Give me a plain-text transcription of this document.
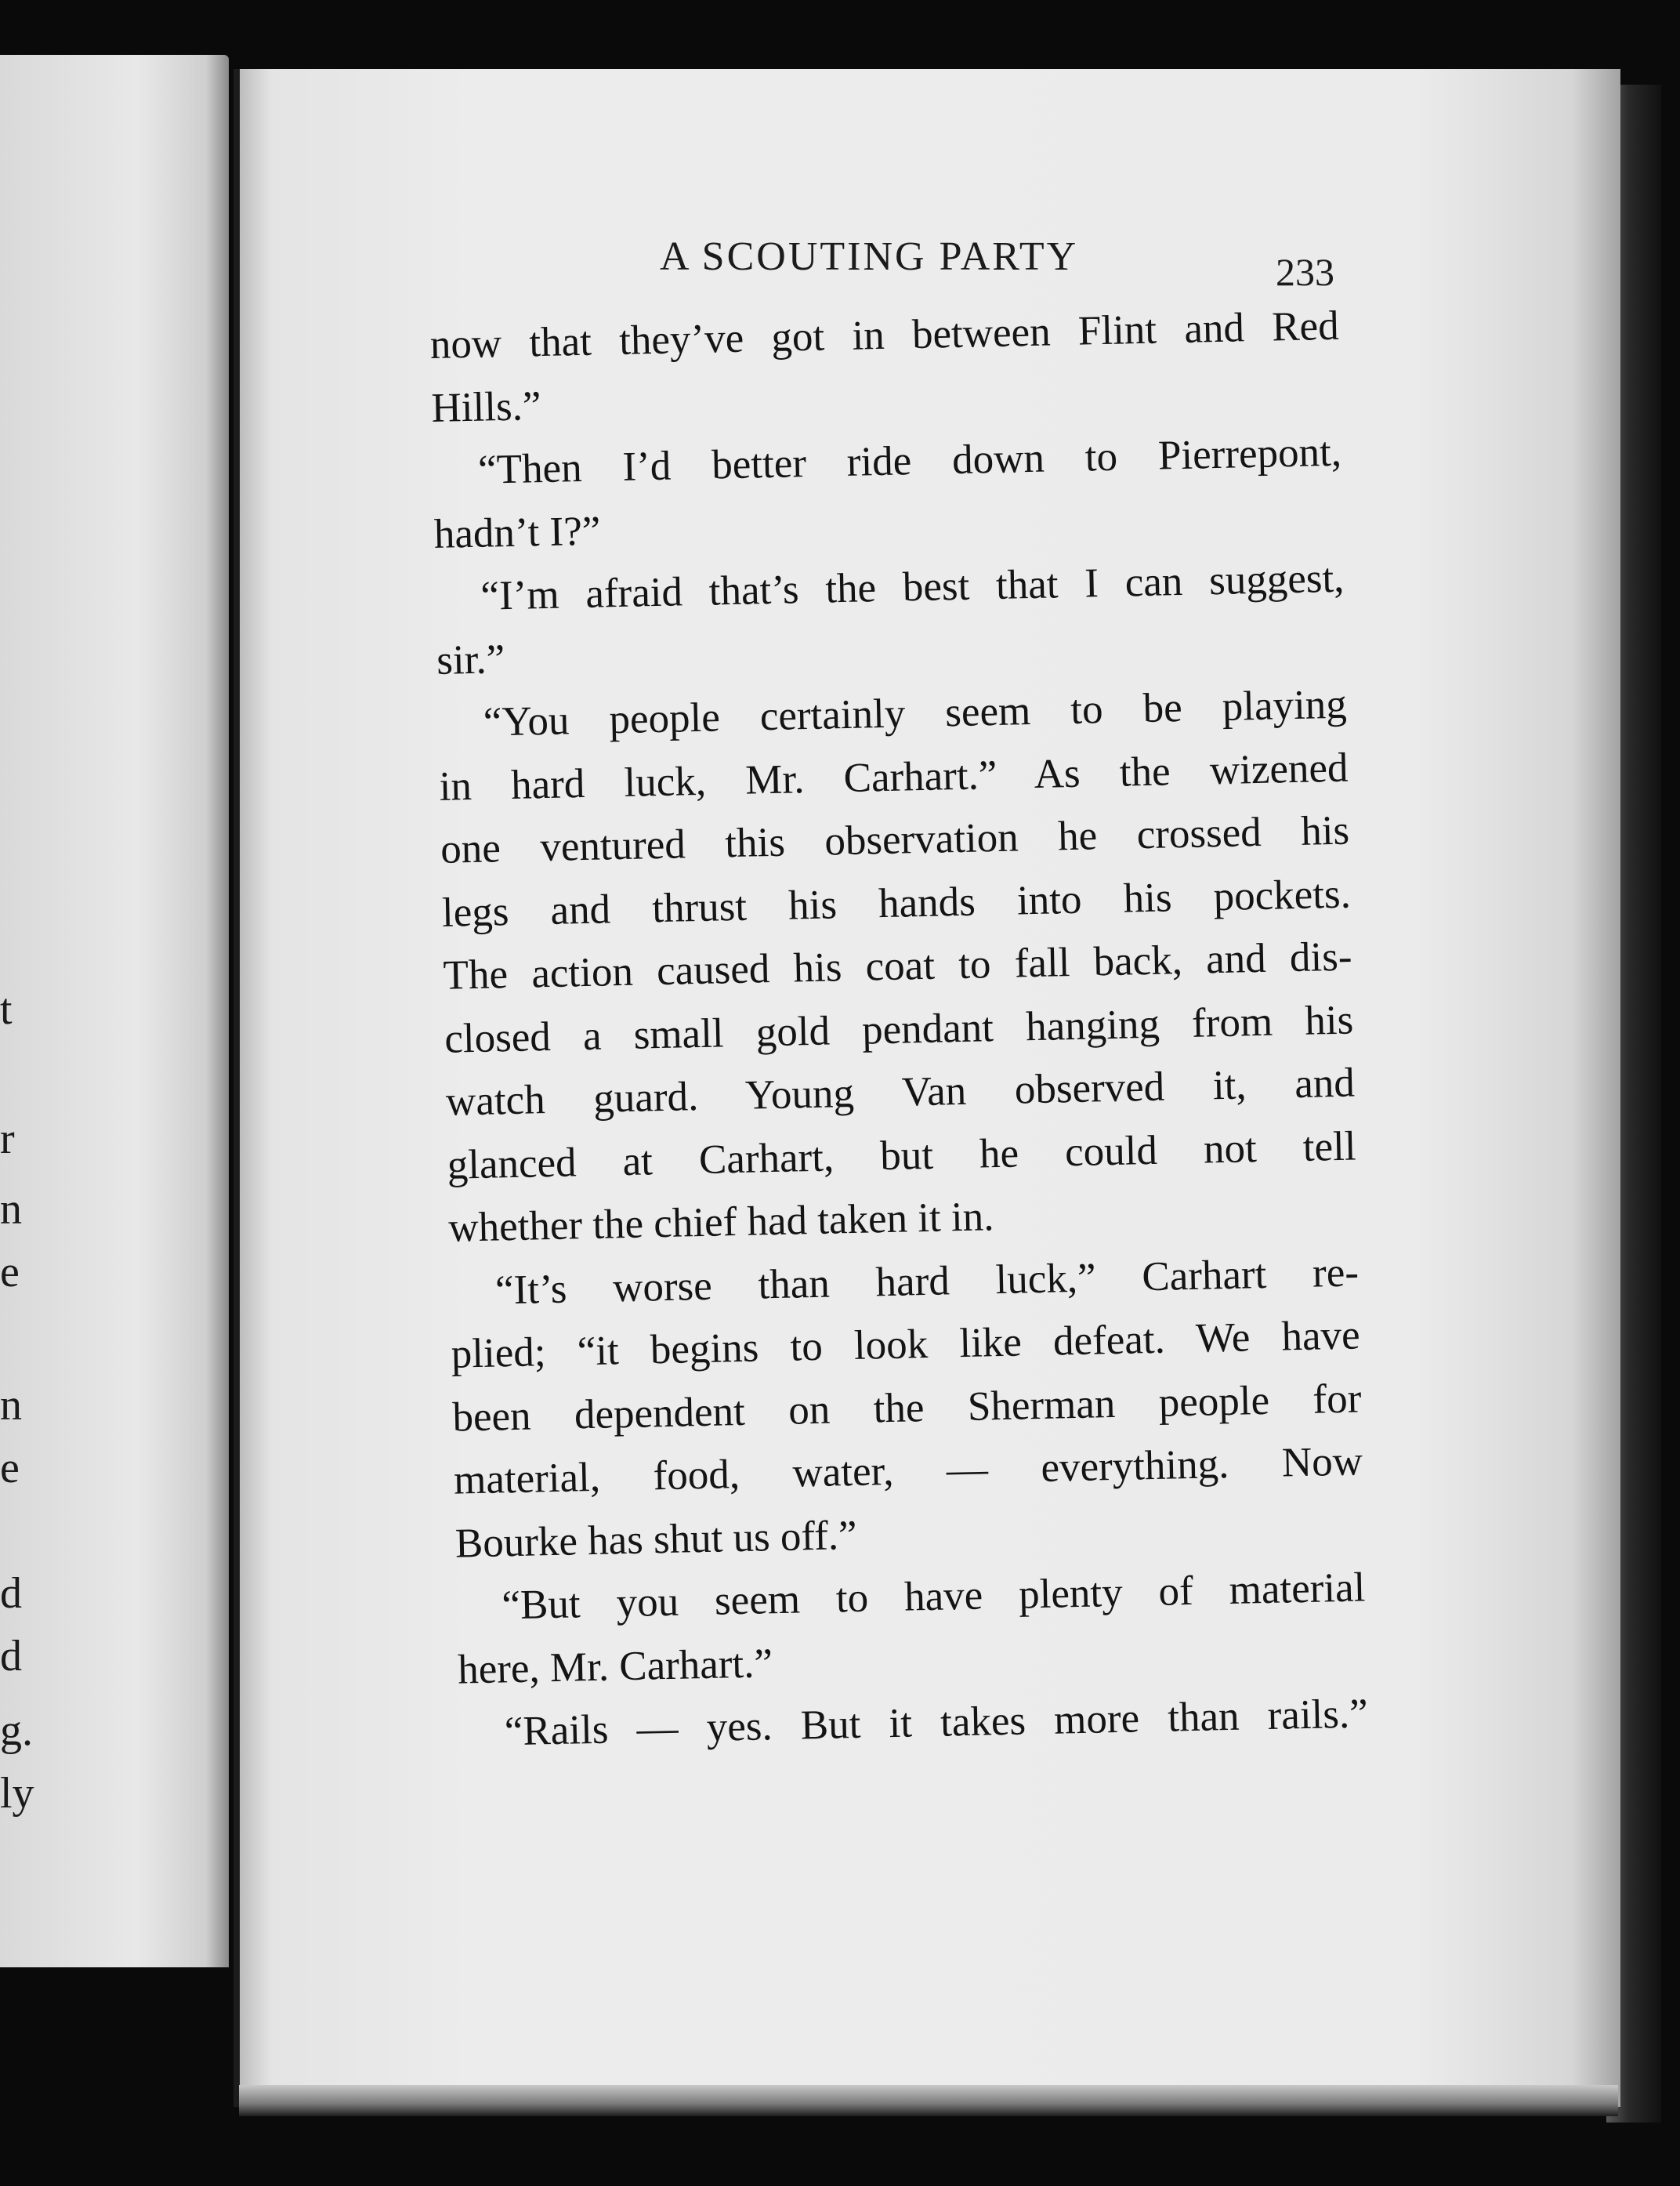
t
r
n
e
n
e
d
d
g.
ly
A SCOUTING PARTY	233
now that they’ve got in between Flint and Red
Hills.”
“Then I’d better ride down to Pierrepont,
hadn’t I?”
“I’m afraid that’s the best that I can suggest,
sir.”
“You people certainly seem to be playing
in hard luck, Mr. Carhart.” As the wizened
one ventured this observation he crossed his
legs and thrust his hands into his pockets.
The action caused his coat to fall back, and dis-
closed a small gold pendant hanging from his
watch guard. Young Van observed it, and
glanced at Carhart, but he could not tell
whether the chief had taken it in.
“It’s worse than hard luck,” Carhart re-
plied; “it begins to look like defeat. We have
been dependent on the Sherman people for
material, food, water, — everything. Now
Bourke has shut us off.”
“But you seem to have plenty of material
here, Mr. Carhart.”
“Rails — yes. But it takes more than rails.”
